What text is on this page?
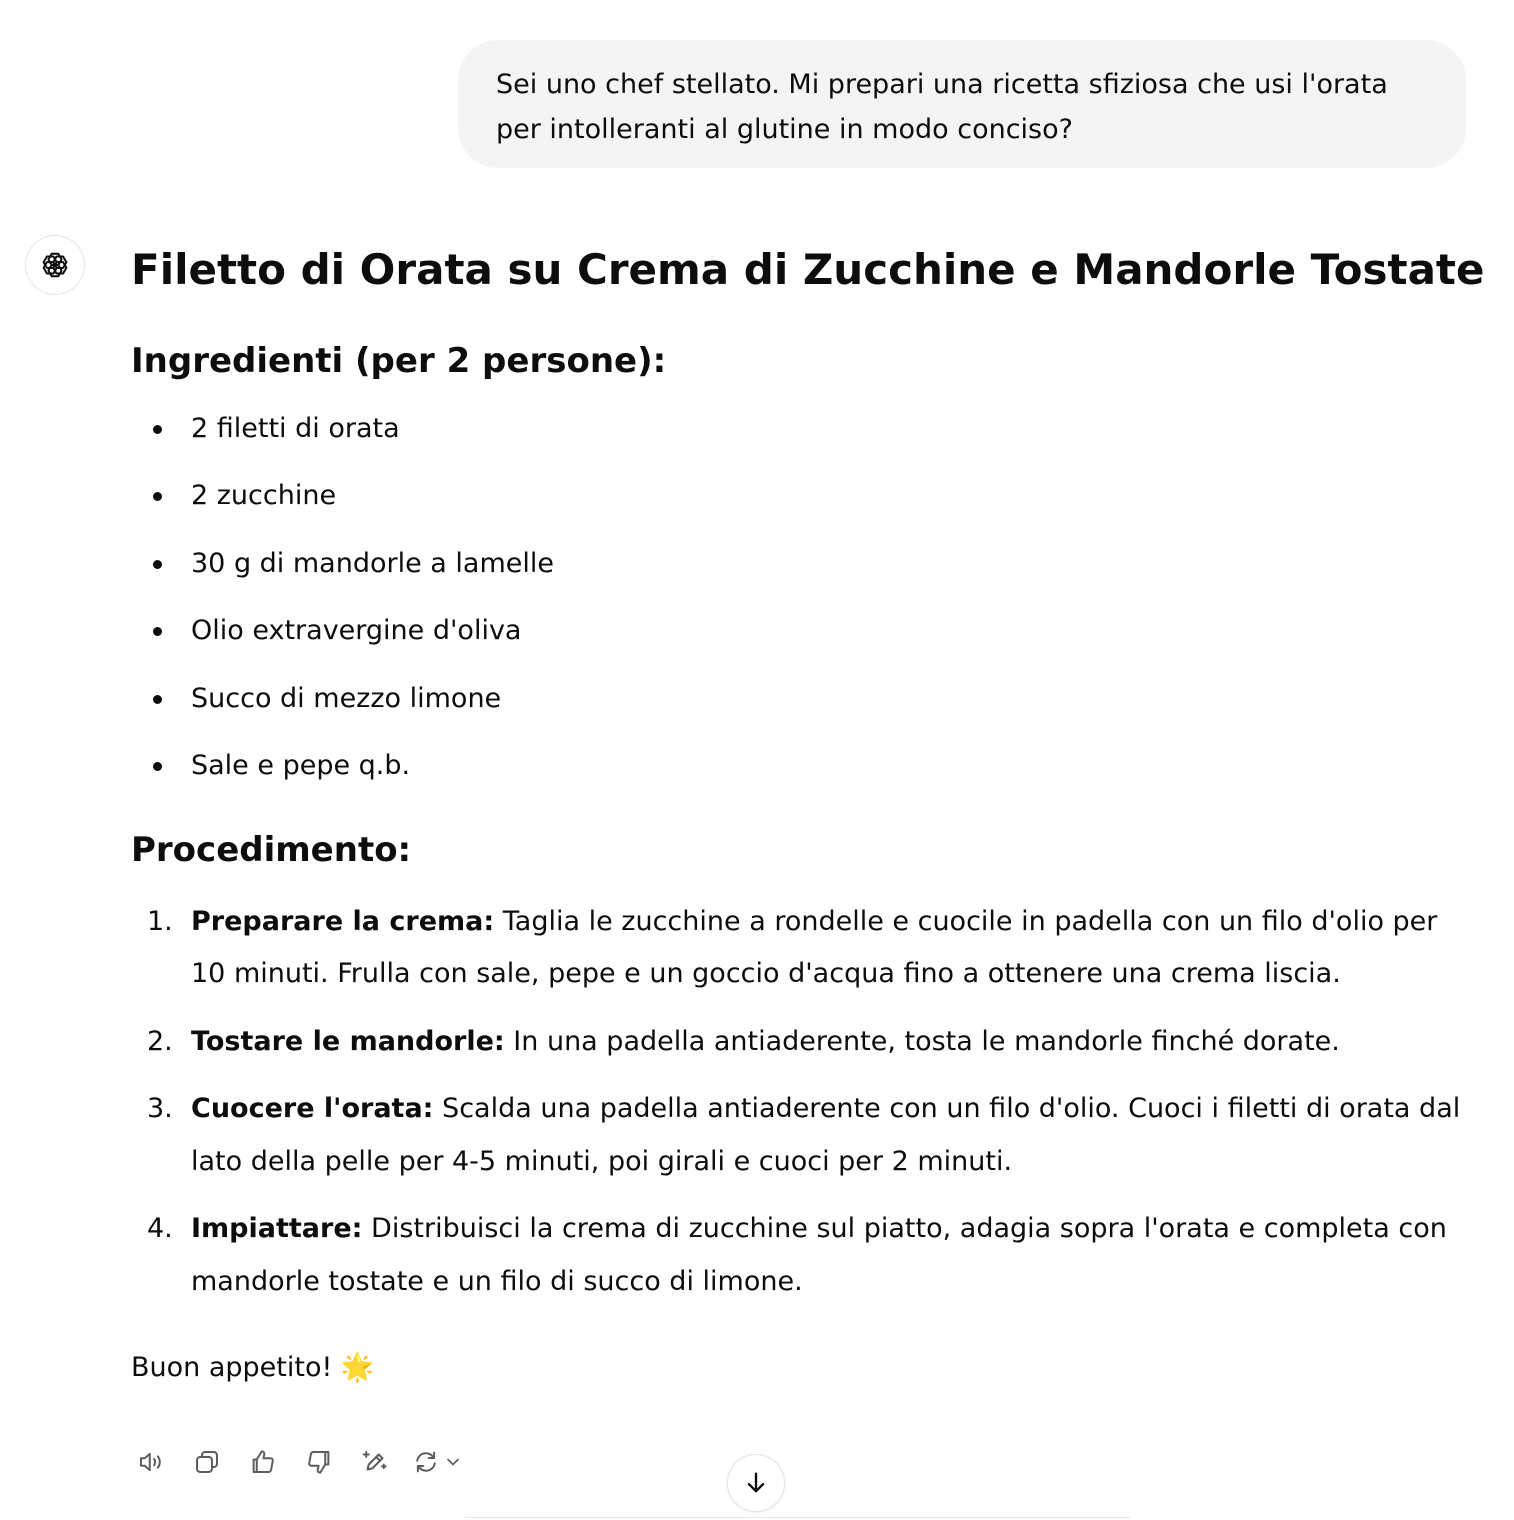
Sei uno chef stellato. Mi prepari una ricetta sfiziosa che usi l'orata per intolleranti al glutine in modo conciso?
Filetto di Orata su Crema di Zucchine e Mandorle Tostate
Ingredienti (per 2 persone):
2 filetti di orata
2 zucchine
30 g di mandorle a lamelle
Olio extravergine d'oliva
Succo di mezzo limone
Sale e pepe q.b.
Procedimento:
1. Preparare la crema: Taglia le zucchine a rondelle e cuocile in padella con un filo d'olio per 10 minuti. Frulla con sale, pepe e un goccio d'acqua fino a ottenere una crema liscia.
2. Tostare le mandorle: In una padella antiaderente, tosta le mandorle finché dorate.
3. Cuocere l'orata: Scalda una padella antiaderente con un filo d'olio. Cuoci i filetti di orata dal lato della pelle per 4-5 minuti, poi girali e cuoci per 2 minuti.
4. Impiattare: Distribuisci la crema di zucchine sul piatto, adagia sopra l'orata e completa con mandorle tostate e un filo di succo di limone.

Buon appetito! 🌟
